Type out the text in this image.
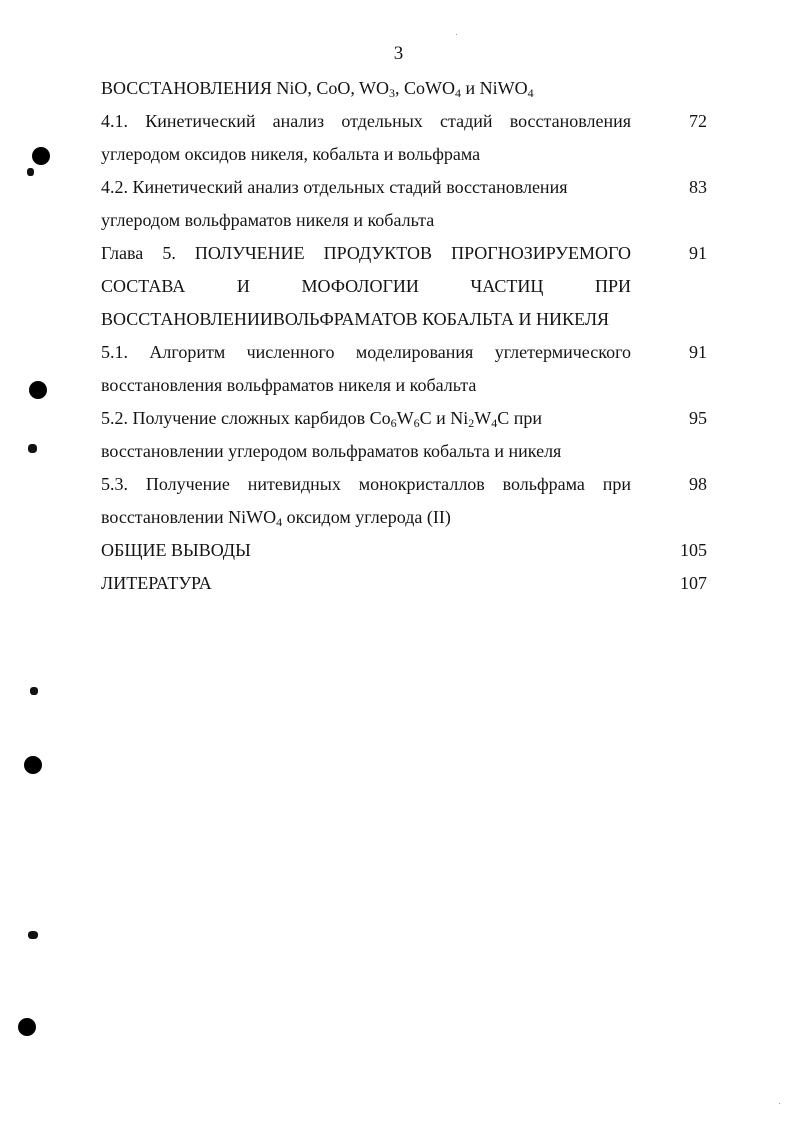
3
ВОССТАНОВЛЕНИЯ NiO, CoO, $WO_3$, CoWO$_4$ и NiWO$_4$
4.1. Кинетический анализ отдельных стадий восстановления углеродом оксидов никеля, кобальта и вольфрама
72
4.2. Кинетический анализ отдельных стадий восстановления
углеродом вольфраматов никеля и кобальта
83
Глава 5. ПОЛУЧЕНИЕ ПРОДУКТОВ ПРОГНОЗИРУЕМОГО СОСТАВА И МОФОЛОГИИ ЧАСТИЦ ПРИ ВОССТАНОВЛЕНИИВОЛЬФРАМАТОВ КОБАЛЬТА И НИКЕЛЯ
91
5.1. Алгоритм численного моделирования углетермического восстановления вольфраматов никеля и кобальта
91
5.2. Получение сложных карбидов $Co_6W_6C$ и $Ni_2W_4C$ при
восстановлении углеродом вольфраматов кобальта и никеля
95
5.3. Получение нитевидных монокристаллов вольфрама при
восстановлении NiWO$_4$ оксидом углерода (II)
98
ОБЩИЕ ВЫВОДЫ	105
ЛИТЕРАТУРА	107
